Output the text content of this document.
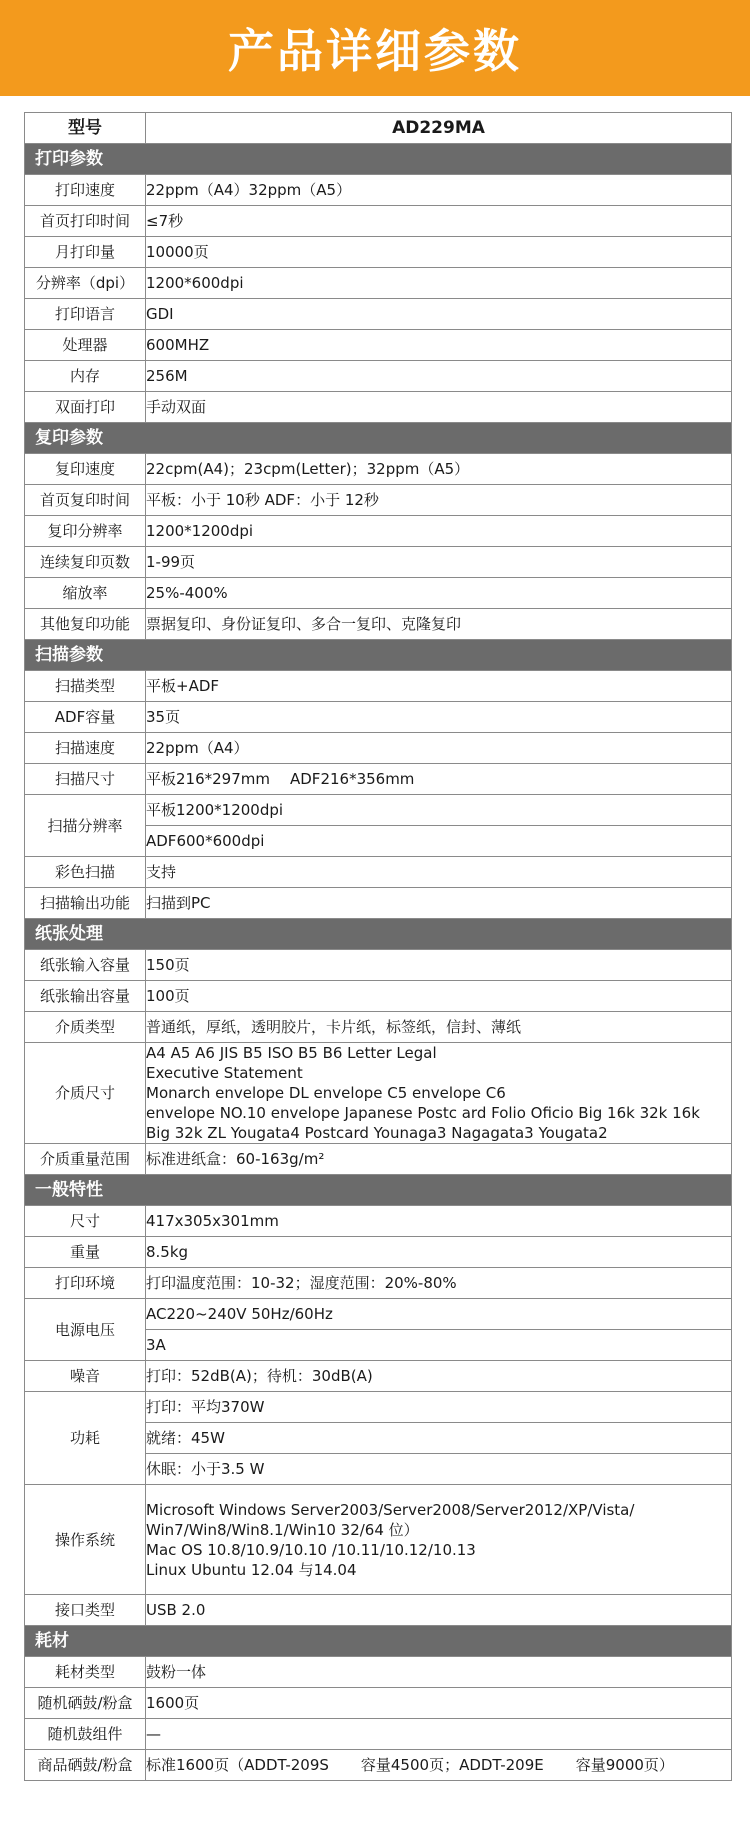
产品详细参数
型号	AD229MA
打印参数	
打印速度	22ppm（A4）32ppm（A5）
首页打印时间	≤7秒
月打印量	10000页
分辨率（dpi）	1200*600dpi
打印语言	GDI
处理器	600MHZ
内存	256M
双面打印	手动双面
复印参数	
复印速度	22cpm(A4)；23cpm(Letter)；32ppm（A5）
首页复印时间	平板：小于 10秒 ADF：小于 12秒
复印分辨率	1200*1200dpi
连续复印页数	1-99页
缩放率	25%-400%
其他复印功能	票据复印、身份证复印、多合一复印、克隆复印
扫描参数	
扫描类型	平板+ADF
ADF容量	35页
扫描速度	22ppm（A4）
扫描尺寸	平板216*297mm ADF216*356mm
扫描分辨率	平板1200*1200dpi
	ADF600*600dpi
彩色扫描	支持
扫描输出功能	扫描到PC
纸张处理	
纸张输入容量	150页
纸张输出容量	100页
介质类型	普通纸，厚纸，透明胶片，卡片纸，标签纸，信封、薄纸
介质尺寸	A4 A5 A6 JIS B5 ISO B5 B6 Letter Legal
Executive Statement
Monarch envelope DL envelope C5 envelope C6
envelope NO.10 envelope Japanese Postc ard Folio Oficio Big 16k 32k 16k
Big 32k ZL Yougata4 Postcard Younaga3 Nagagata3 Yougata2

介质重量范围	标准进纸盒：60-163g/m²
一般特性	
尺寸	417x305x301mm
重量	8.5kg
打印环境	打印温度范围：10-32；湿度范围：20%-80%
电源电压	AC220~240V 50Hz/60Hz
	3A
噪音	打印：52dB(A)；待机：30dB(A)
功耗	打印：平均370W
	就绪：45W
	休眠：小于3.5 W
操作系统	Microsoft Windows Server2003/Server2008/Server2012/XP/Vista/
Win7/Win8/Win8.1/Win10 32/64 位）
Mac OS 10.8/10.9/10.10 /10.11/10.12/10.13
Linux Ubuntu 12.04 与14.04

接口类型	USB 2.0
耗材	
耗材类型	鼓粉一体
随机硒鼓/粉盒	1600页
随机鼓组件	—
商品硒鼓/粉盒	标准1600页（ADDT-209S 容量4500页；ADDT-209E 容量9000页）
